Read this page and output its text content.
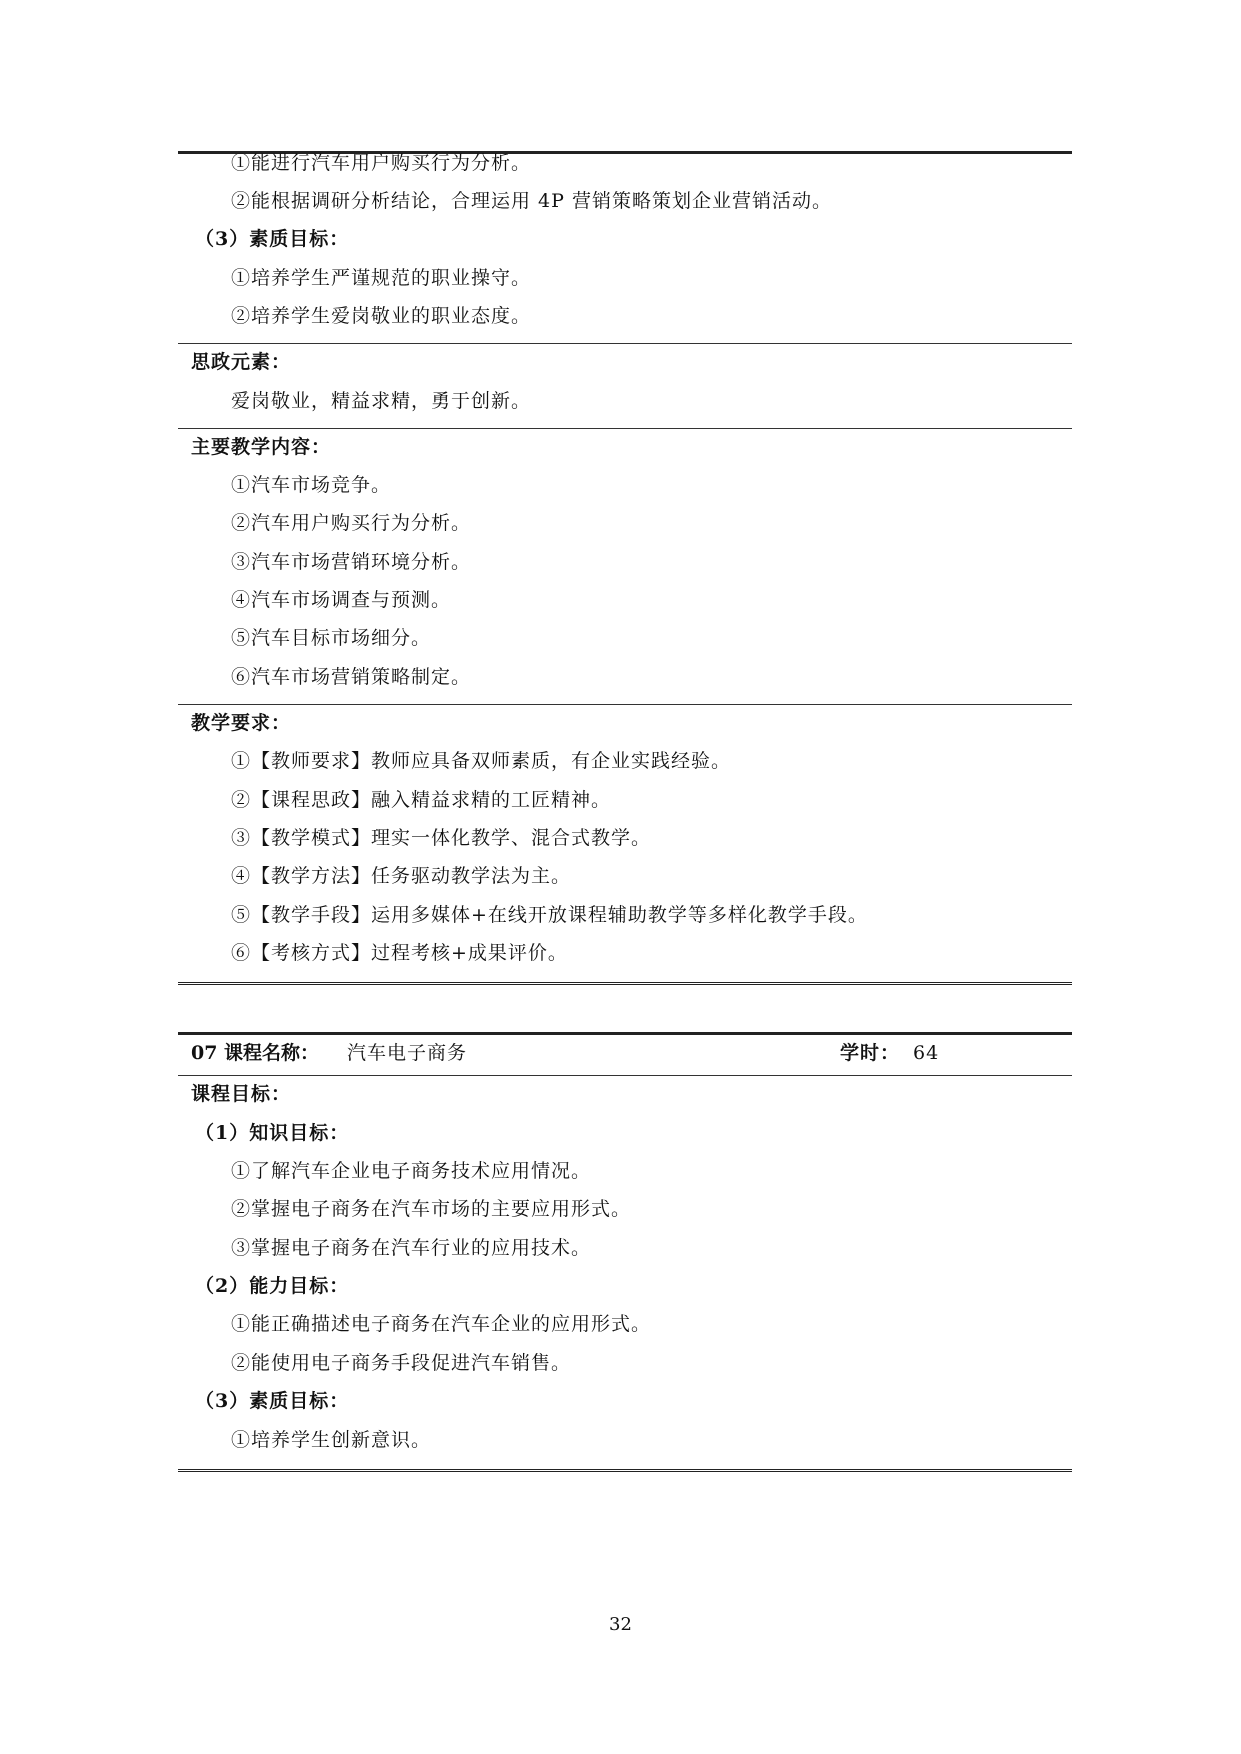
①能进行汽车用户购买行为分析。
②能根据调研分析结论，合理运用 4P 营销策略策划企业营销活动。
（3）素质目标：
①培养学生严谨规范的职业操守。
②培养学生爱岗敬业的职业态度。
思政元素：
爱岗敬业，精益求精，勇于创新。
主要教学内容：
①汽车市场竞争。
②汽车用户购买行为分析。
③汽车市场营销环境分析。
④汽车市场调查与预测。
⑤汽车目标市场细分。
⑥汽车市场营销策略制定。
教学要求：
①【教师要求】教师应具备双师素质，有企业实践经验。
②【课程思政】融入精益求精的工匠精神。
③【教学模式】理实一体化教学、混合式教学。
④【教学方法】任务驱动教学法为主。
⑤【教学手段】运用多媒体+在线开放课程辅助教学等多样化教学手段。
⑥【考核方式】过程考核+成果评价。
07 课程名称： 汽车电子商务	学时： 64
课程目标：
（1）知识目标：
①了解汽车企业电子商务技术应用情况。
②掌握电子商务在汽车市场的主要应用形式。
③掌握电子商务在汽车行业的应用技术。
（2）能力目标：
①能正确描述电子商务在汽车企业的应用形式。
②能使用电子商务手段促进汽车销售。
（3）素质目标：
①培养学生创新意识。
32
